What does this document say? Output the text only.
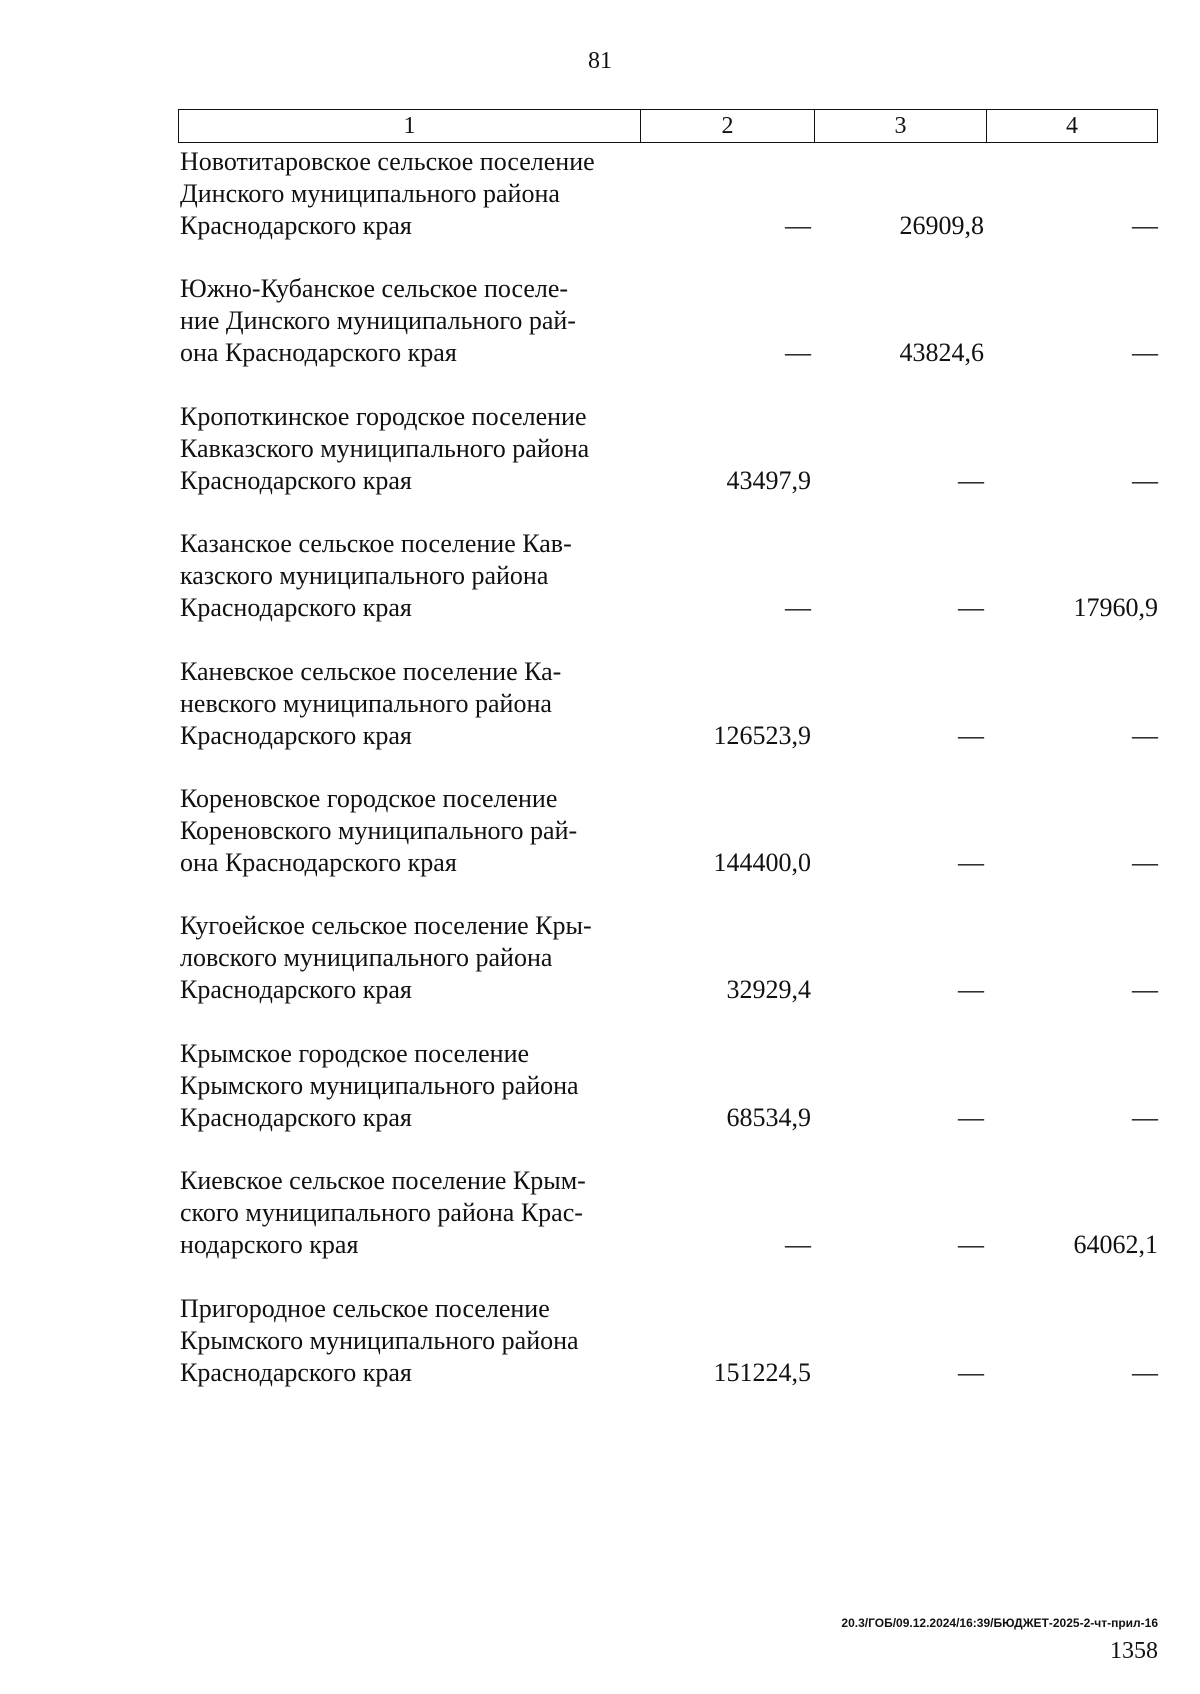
81
1	2	3	4
Новотитаровское сельское поселение
Динского муниципального района
Краснодарского края	—	26909,8	—
Южно-Кубанское сельское поселе-
ние Динского муниципального рай-
она Краснодарского края	—	43824,6	—
Кропоткинское городское поселение
Кавказского муниципального района
Краснодарского края	43497,9	—	—
Казанское сельское поселение Кав-
казского муниципального района
Краснодарского края	—	—	17960,9
Каневское сельское поселение Ка-
невского муниципального района
Краснодарского края	126523,9	—	—
Кореновское городское поселение
Кореновского муниципального рай-
она Краснодарского края	144400,0	—	—
Кугоейское сельское поселение Кры-
ловского муниципального района
Краснодарского края	32929,4	—	—
Крымское городское поселение
Крымского муниципального района
Краснодарского края	68534,9	—	—
Киевское сельское поселение Крым-
ского муниципального района Крас-
нодарского края	—	—	64062,1
Пригородное сельское поселение
Крымского муниципального района
Краснодарского края	151224,5	—	—
20.3/ГОБ/09.12.2024/16:39/БЮДЖЕТ-2025-2-чт-прил-16
1358
